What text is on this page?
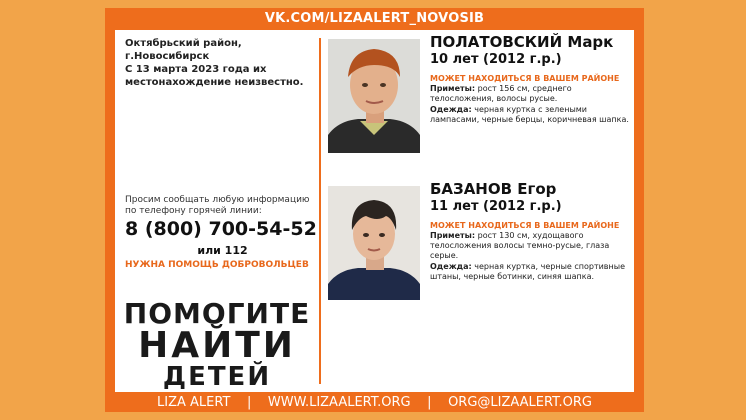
VK.COM/LIZAALERT_NOVOSIB
Октябрьский район,
г.Новосибирск
С 13 марта 2023 года их
местонахождение неизвестно.
Просим сообщать любую информацию по телефону горячей линии:
8 (800) 700-54-52
или 112
НУЖНА ПОМОЩЬ ДОБРОВОЛЬЦЕВ
ПОМОГИТЕ
НАЙТИ
ДЕТЕЙ
ПОЛАТОВСКИЙ Марк
10 лет (2012 г.р.)
МОЖЕТ НАХОДИТЬСЯ В ВАШЕМ РАЙОНЕ
Приметы: рост 156 см, среднего телосложения, волосы русые.
Одежда: черная куртка с зелеными лампасами, черные берцы, коричневая шапка.
БАЗАНОВ Егор
11 лет (2012 г.р.)
МОЖЕТ НАХОДИТЬСЯ В ВАШЕМ РАЙОНЕ
Приметы: рост 130 см, худощавого телосложения волосы темно-русые, глаза серые.
Одежда: черная куртка, черные спортивные штаны, черные ботинки, синяя шапка.
LIZA ALERT | WWW.LIZAALERT.ORG | ORG@LIZAALERT.ORG
